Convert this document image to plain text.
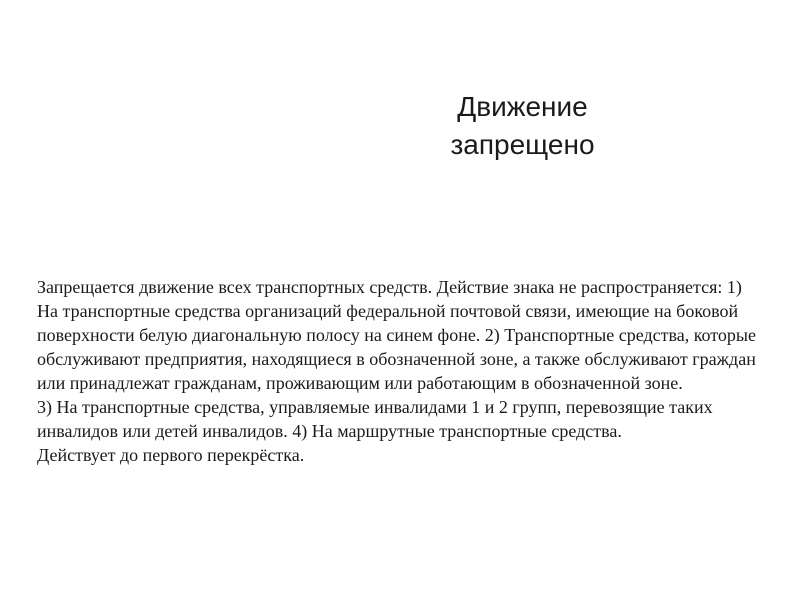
Движение
запрещено

Запрещается движение всех транспортных средств. Действие знака не распространяется: 1) На транспортные средства организаций федеральной почтовой связи, имеющие на боковой поверхности белую диагональную полосу на синем фоне. 2) Транспортные средства, которые обслуживают предприятия, находящиеся в обозначенной зоне, а также обслуживают граждан или принадлежат гражданам, проживающим или работающим в обозначенной зоне.

3) На транспортные средства, управляемые инвалидами 1 и 2 групп, перевозящие таких инвалидов или детей инвалидов. 4) На маршрутные транспортные средства.

Действует до первого перекрёстка.
